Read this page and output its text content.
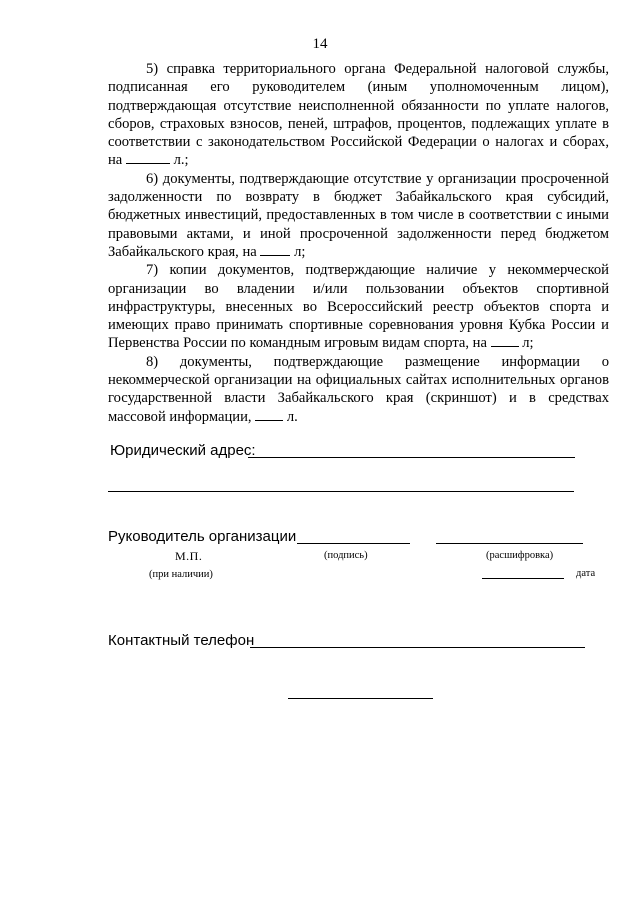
14

5) справка территориального органа Федеральной налоговой службы, подписанная его руководителем (иным уполномоченным лицом), подтверждающая отсутствие неисполненной обязанности по уплате налогов, сборов, страховых взносов, пеней, штрафов, процентов, подлежащих уплате в соответствии с законодательством Российской Федерации о налогах и сборах, на	л.;

6) документы, подтверждающие отсутствие у организации просроченной задолженности по возврату в бюджет Забайкальского края субсидий, бюджетных инвестиций, предоставленных в том числе в соответствии с иными правовыми актами, и иной просроченной задолженности перед бюджетом Забайкальского края, на  л;

7) копии документов, подтверждающие наличие у некоммерческой организации во владении и/или пользовании объектов спортивной инфраструктуры, внесенных во Всероссийский реестр объектов спорта и имеющих право принимать спортивные соревнования уровня Кубка России и Первенства России по командным игровым видам спорта, на  л;

8) документы, подтверждающие размещение информации о некоммерческой организации на официальных сайтах исполнительных органов государственной власти Забайкальского края (скриншот) и в средствах массовой информации,  л.

Юридический адрес:
Руководитель организации
М.П.	(подпись)	(расшифровка)
(при наличии)	дата
Контактный телефон
